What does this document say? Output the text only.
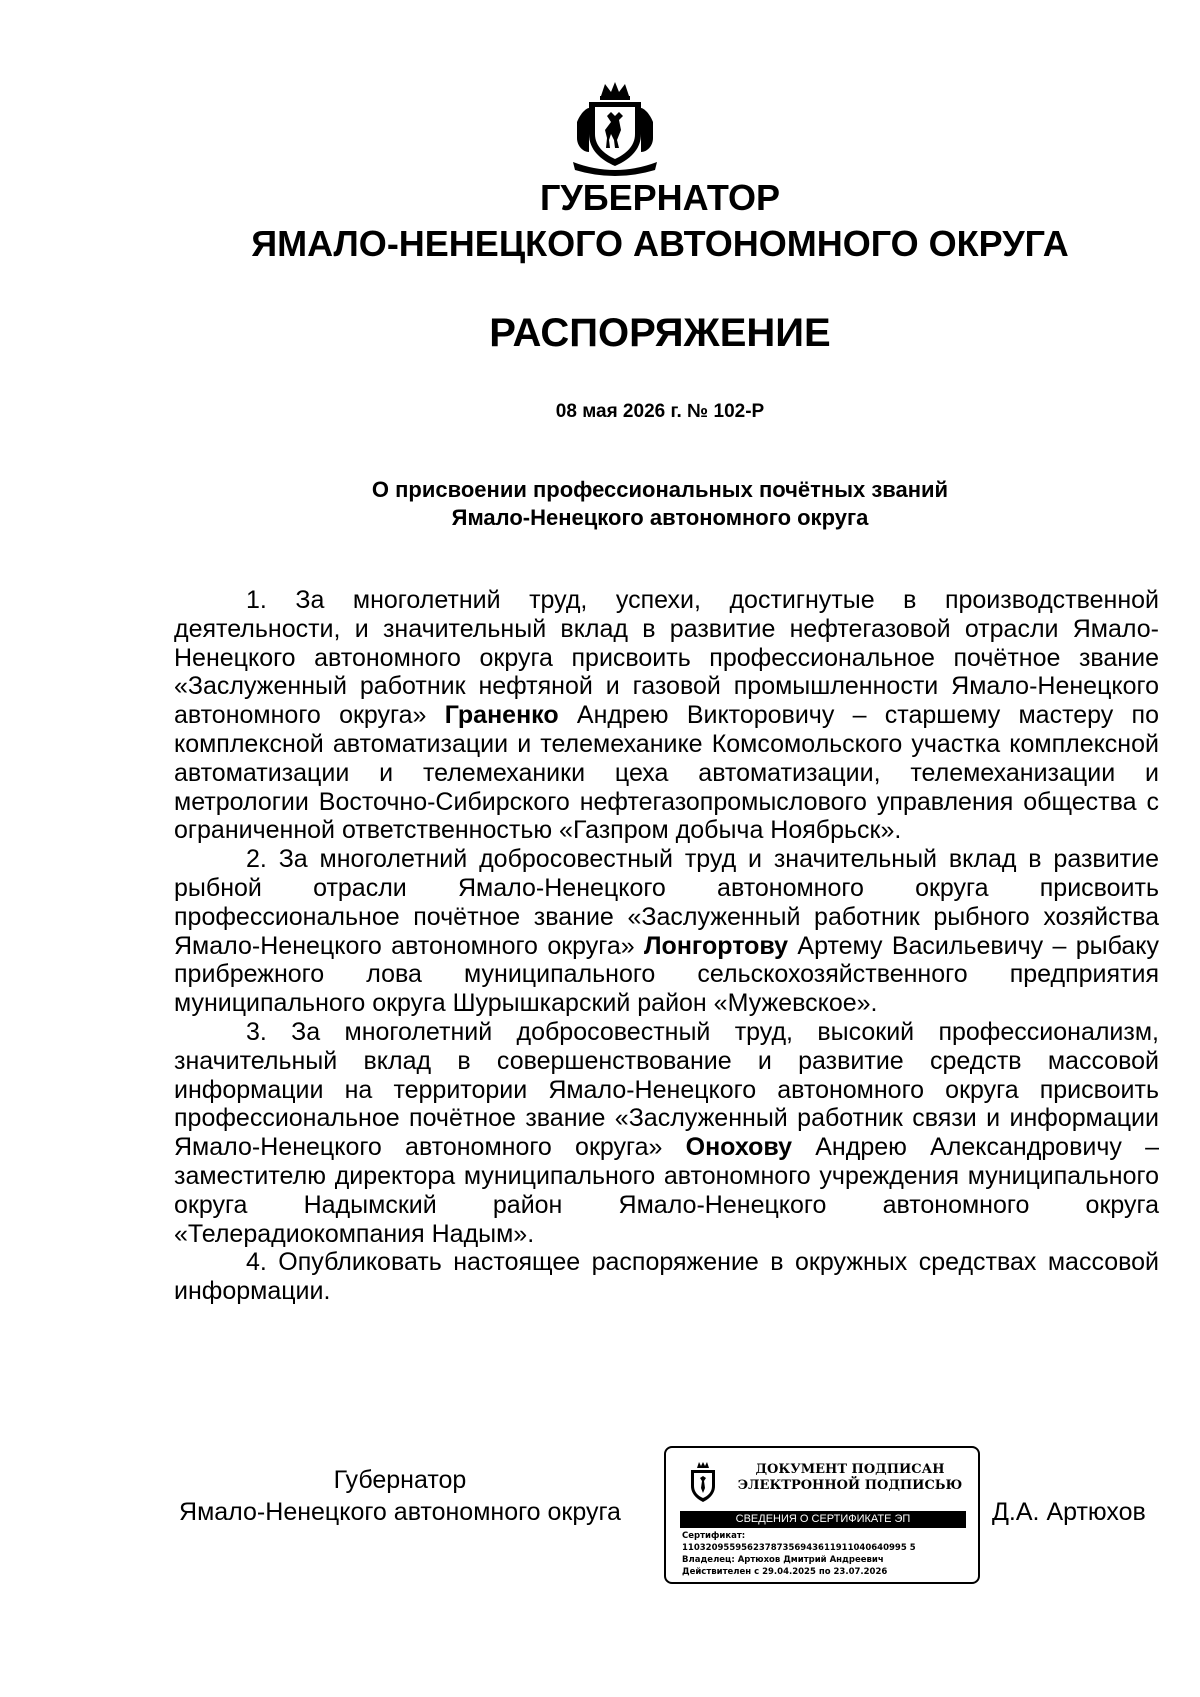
ГУБЕРНАТОР
ЯМАЛО-НЕНЕЦКОГО АВТОНОМНОГО ОКРУГА
РАСПОРЯЖЕНИЕ
08 мая 2026 г. № 102-Р
О присвоении профессиональных почётных званий
Ямало-Ненецкого автономного округа

1. За многолетний труд, успехи, достигнутые в производственной деятельности, и значительный вклад в развитие нефтегазовой отрасли Ямало-Ненецкого автономного округа присвоить профессиональное почётное звание «Заслуженный работник нефтяной и газовой промышленности Ямало-Ненецкого автономного округа» Граненко Андрею Викторовичу – старшему мастеру по комплексной автоматизации и телемеханике Комсомольского участка комплексной автоматизации и телемеханики цеха автоматизации, телемеханизации и метрологии Восточно-Сибирского нефтегазопромыслового управления общества с ограниченной ответственностью «Газпром добыча Ноябрьск».

2. За многолетний добросовестный труд и значительный вклад в развитие рыбной отрасли Ямало-Ненецкого автономного округа присвоить профессиональное почётное звание «Заслуженный работник рыбного хозяйства Ямало-Ненецкого автономного округа» Лонгортову Артему Васильевичу – рыбаку прибрежного лова муниципального сельскохозяйственного предприятия муниципального округа Шурышкарский район «Мужевское».

3. За многолетний добросовестный труд, высокий профессионализм, значительный вклад в совершенствование и развитие средств массовой информации на территории Ямало-Ненецкого автономного округа присвоить профессиональное почётное звание «Заслуженный работник связи и информации Ямало-Ненецкого автономного округа» Онохову Андрею Александровичу – заместителю директора муниципального автономного учреждения муниципального округа Надымский район Ямало-Ненецкого автономного округа «Телерадиокомпания Надым».

4. Опубликовать настоящее распоряжение в окружных средствах массовой информации.

Губернатор
Ямало-Ненецкого автономного округа
ДОКУМЕНТ ПОДПИСАН
ЭЛЕКТРОННОЙ ПОДПИСЬЮ
СВЕДЕНИЯ О СЕРТИФИКАТЕ ЭП
Сертификат:
11032095595623787356943611911040640995 5
Владелец: Артюхов Дмитрий Андреевич
Действителен с 29.04.2025 по 23.07.2026
Д.А. Артюхов
